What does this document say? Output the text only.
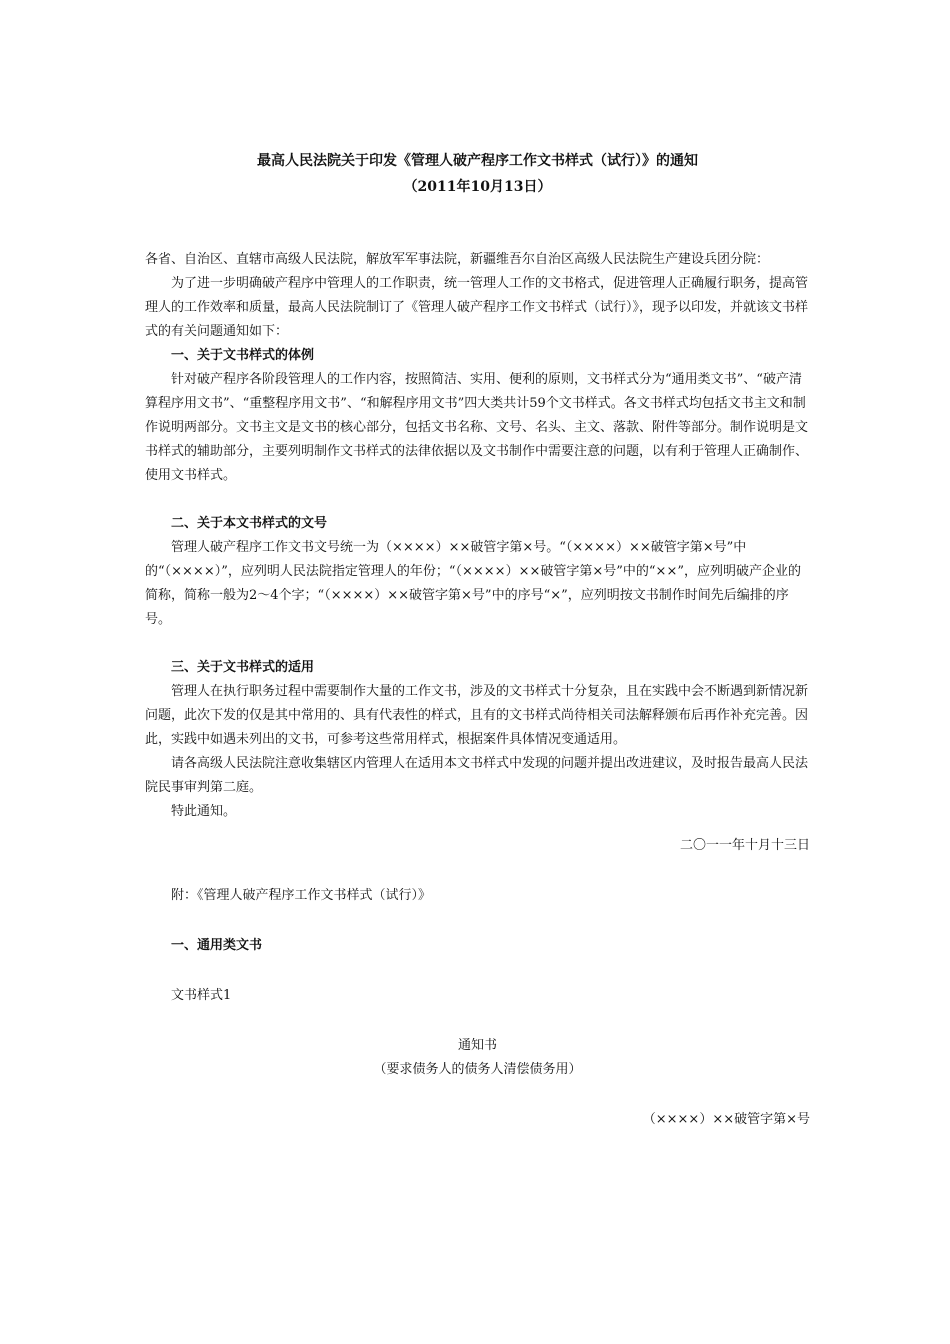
最高人民法院关于印发《管理人破产程序工作文书样式（试行）》的通知

（2011年10月13日）

各省、自治区、直辖市高级人民法院，解放军军事法院，新疆维吾尔自治区高级人民法院生产建设兵团分院：

为了进一步明确破产程序中管理人的工作职责，统一管理人工作的文书格式，促进管理人正确履行职务，提高管理人的工作效率和质量，最高人民法院制订了《管理人破产程序工作文书样式（试行）》，现予以印发，并就该文书样式的有关问题通知如下：

一、关于文书样式的体例

针对破产程序各阶段管理人的工作内容，按照简洁、实用、便利的原则，文书样式分为“通用类文书”、“破产清算程序用文书”、“重整程序用文书”、“和解程序用文书”四大类共计59个文书样式。各文书样式均包括文书主文和制作说明两部分。文书主文是文书的核心部分，包括文书名称、文号、名头、主文、落款、附件等部分。制作说明是文书样式的辅助部分，主要列明制作文书样式的法律依据以及文书制作中需要注意的问题，以有利于管理人正确制作、使用文书样式。

二、关于本文书样式的文号

管理人破产程序工作文书文号统一为（××××）××破管字第×号。“（××××）××破管字第×号”中的“（××××）”，应列明人民法院指定管理人的年份；“（××××）××破管字第×号”中的“××”，应列明破产企业的简称，简称一般为2～4个字；“（××××）××破管字第×号”中的序号“×”，应列明按文书制作时间先后编排的序号。

三、关于文书样式的适用

管理人在执行职务过程中需要制作大量的工作文书，涉及的文书样式十分复杂，且在实践中会不断遇到新情况新问题，此次下发的仅是其中常用的、具有代表性的样式，且有的文书样式尚待相关司法解释颁布后再作补充完善。因此，实践中如遇未列出的文书，可参考这些常用样式，根据案件具体情况变通适用。

请各高级人民法院注意收集辖区内管理人在适用本文书样式中发现的问题并提出改进建议，及时报告最高人民法院民事审判第二庭。

特此通知。

二〇一一年十月十三日

附：《管理人破产程序工作文书样式（试行）》

一、通用类文书

文书样式1

通知书

（要求债务人的债务人清偿债务用）

（××××）××破管字第×号
